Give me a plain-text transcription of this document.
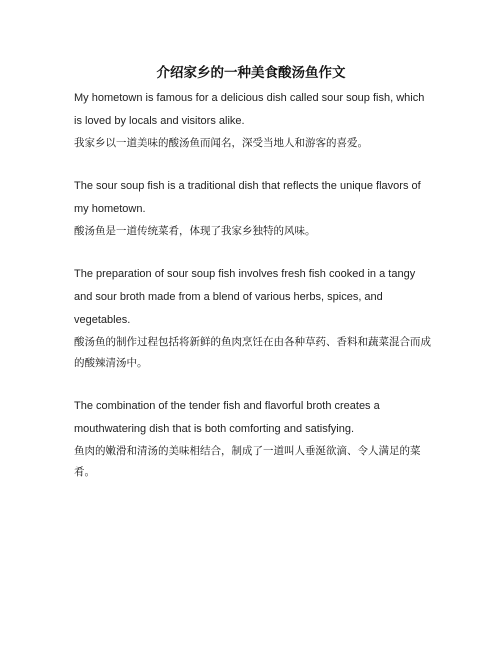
介绍家乡的一种美食酸汤鱼作文

My hometown is famous for a delicious dish called sour soup fish, which is loved by locals and visitors alike.

我家乡以一道美味的酸汤鱼而闻名，深受当地人和游客的喜爱。

The sour soup fish is a traditional dish that reflects the unique flavors of my hometown.

酸汤鱼是一道传统菜肴，体现了我家乡独特的风味。

The preparation of sour soup fish involves fresh fish cooked in a tangy and sour broth made from a blend of various herbs, spices, and vegetables.

酸汤鱼的制作过程包括将新鲜的鱼肉烹饪在由各种草药、香料和蔬菜混合而成的酸辣清汤中。

The combination of the tender fish and flavorful broth creates a mouthwatering dish that is both comforting and satisfying.

鱼肉的嫩滑和清汤的美味相结合，制成了一道叫人垂涎欲滴、令人满足的菜肴。
